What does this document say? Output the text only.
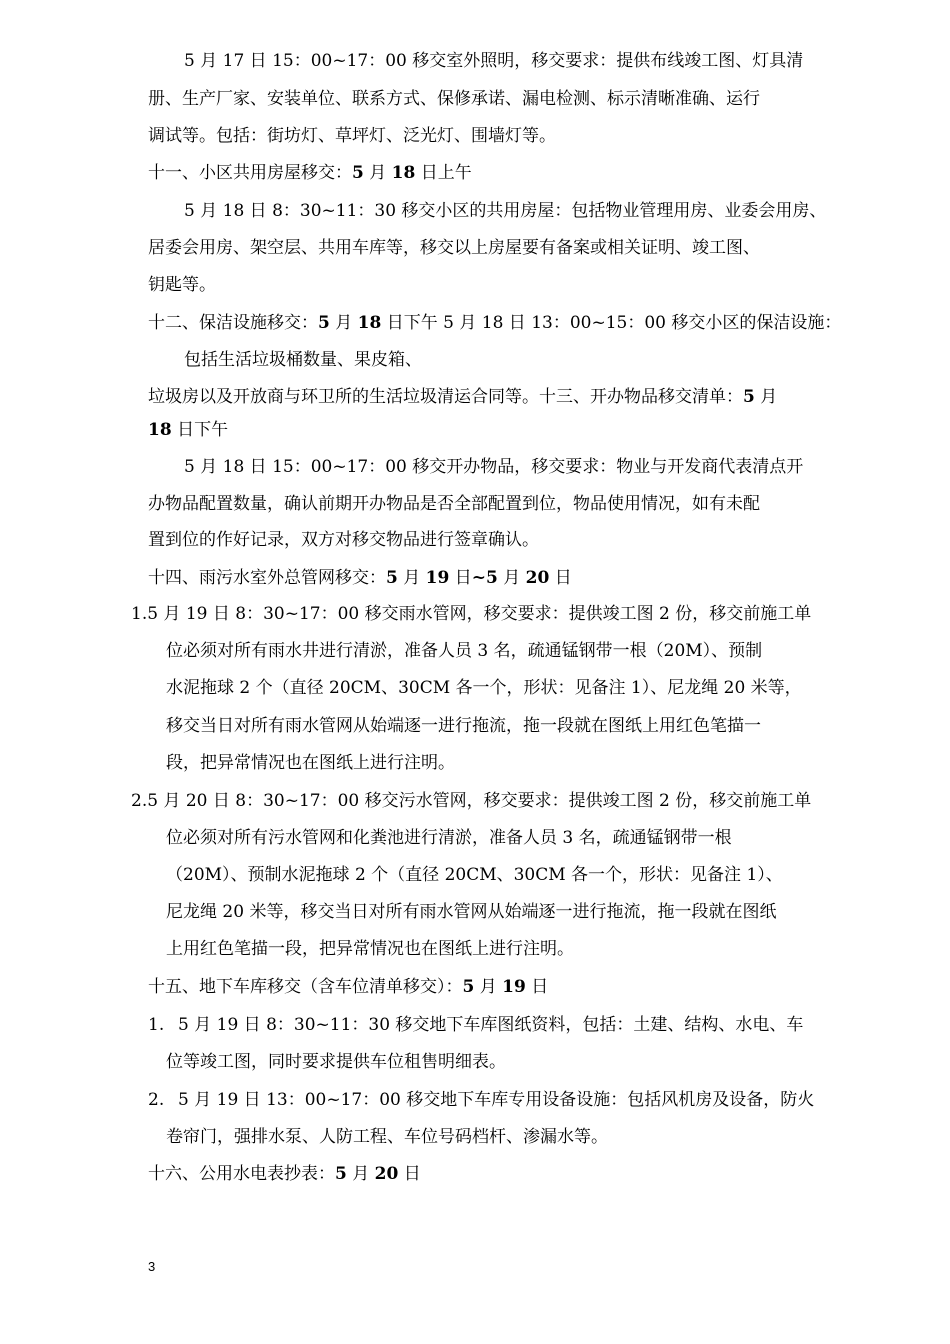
5 月 17 日 15：00~17：00 移交室外照明，移交要求：提供布线竣工图、灯具清
册、生产厂家、安装单位、联系方式、保修承诺、漏电检测、标示清晰准确、运行
调试等。包括：街坊灯、草坪灯、泛光灯、围墙灯等。
十一、小区共用房屋移交：5 月 18 日上午
5 月 18 日 8：30~11：30 移交小区的共用房屋：包括物业管理用房、业委会用房、
居委会用房、架空层、共用车库等，移交以上房屋要有备案或相关证明、竣工图、
钥匙等。
十二、保洁设施移交：5 月 18 日下午 5 月 18 日 13：00~15：00 移交小区的保洁设施：
包括生活垃圾桶数量、果皮箱、
垃圾房以及开放商与环卫所的生活垃圾清运合同等。十三、开办物品移交清单：5 月
18 日下午
5 月 18 日 15：00~17：00 移交开办物品，移交要求：物业与开发商代表清点开
办物品配置数量，确认前期开办物品是否全部配置到位，物品使用情况，如有未配
置到位的作好记录，双方对移交物品进行签章确认。
十四、雨污水室外总管网移交：5 月 19 日~5 月 20 日
1.5 月 19 日 8：30~17：00 移交雨水管网，移交要求：提供竣工图 2 份，移交前施工单
位必须对所有雨水井进行清淤，准备人员 3 名，疏通锰钢带一根（20M）、预制
水泥拖球 2 个（直径 20CM、30CM 各一个，形状：见备注 1）、尼龙绳 20 米等，
移交当日对所有雨水管网从始端逐一进行拖流，拖一段就在图纸上用红色笔描一
段，把异常情况也在图纸上进行注明。
2.5 月 20 日 8：30~17：00 移交污水管网，移交要求：提供竣工图 2 份，移交前施工单
位必须对所有污水管网和化粪池进行清淤，准备人员 3 名，疏通锰钢带一根
（20M）、预制水泥拖球 2 个（直径 20CM、30CM 各一个，形状：见备注 1）、
尼龙绳 20 米等，移交当日对所有雨水管网从始端逐一进行拖流，拖一段就在图纸
上用红色笔描一段，把异常情况也在图纸上进行注明。
十五、地下车库移交（含车位清单移交）：5 月 19 日
1. 5 月 19 日 8：30~11：30 移交地下车库图纸资料，包括：土建、结构、水电、车
位等竣工图，同时要求提供车位租售明细表。
2. 5 月 19 日 13：00~17：00 移交地下车库专用设备设施：包括风机房及设备，防火
卷帘门，强排水泵、人防工程、车位号码档杆、渗漏水等。
十六、公用水电表抄表：5 月 20 日
3
